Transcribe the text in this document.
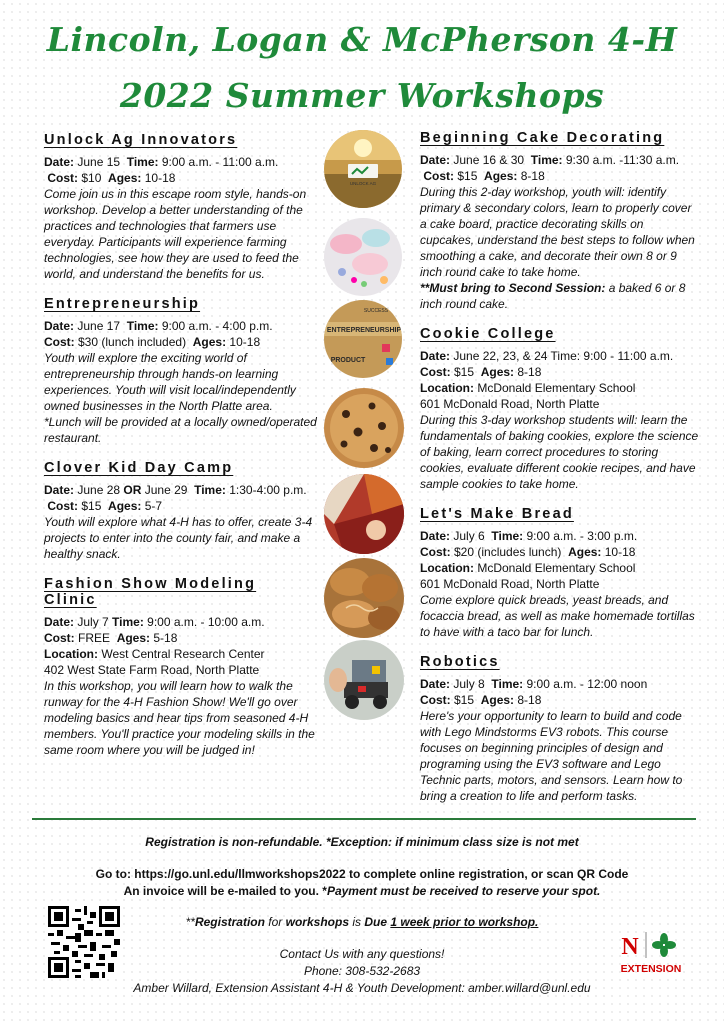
Lincoln, Logan & McPherson 4-H
2022 Summer Workshops
Unlock Ag Innovators

Date: June 15 Time: 9:00 a.m. - 11:00 a.m.

Cost: $10 Ages: 10-18

Come join us in this escape room style, hands-on workshop. Develop a better understanding of the practices and technologies that farmers use everyday. Participants will experience farming technologies, see how they are used to feed the world, and understand the benefits for us.

Entrepreneurship

Date: June 17 Time: 9:00 a.m. - 4:00 p.m.

Cost: $30 (lunch included) Ages: 10-18

Youth will explore the exciting world of entrepreneurship through hands-on learning experiences. Youth will visit local/independently owned businesses in the North Platte area.

*Lunch will be provided at a locally owned/operated restaurant.

Clover Kid Day Camp

Date: June 28 OR June 29 Time: 1:30-4:00 p.m.

Cost: $15 Ages: 5-7

Youth will explore what 4-H has to offer, create 3-4 projects to enter into the county fair, and make a healthy snack.

Fashion Show Modeling Clinic

Date: July 7 Time: 9:00 a.m. - 10:00 a.m.

Cost: FREE Ages: 5-18

Location: West Central Research Center

402 West State Farm Road, North Platte

In this workshop, you will learn how to walk the runway for the 4-H Fashion Show! We'll go over modeling basics and hear tips from seasoned 4-H members. You'll practice your modeling skills in the same room where you will be judged in!

UNLOCK AG
ENTREPRENEURSHIP
PRODUCT
SUCCESS
Beginning Cake Decorating

Date: June 16 & 30 Time: 9:30 a.m. -11:30 a.m.

Cost: $15 Ages: 8-18

During this 2-day workshop, youth will: identify primary & secondary colors, learn to properly cover a cake board, practice decorating skills on cupcakes, understand the best steps to follow when smoothing a cake, and decorate their own 8 or 9 inch round cake to take home.

**Must bring to Second Session: a baked 6 or 8 inch round cake.

Cookie College

Date: June 22, 23, & 24 Time: 9:00 - 11:00 a.m.

Cost: $15 Ages: 8-18

Location: McDonald Elementary School

601 McDonald Road, North Platte

During this 3-day workshop students will: learn the fundamentals of baking cookies, explore the science of baking, learn correct procedures to storing cookies, evaluate different cookie recipes, and have sample cookies to take home.

Let's Make Bread

Date: July 6 Time: 9:00 a.m. - 3:00 p.m.

Cost: $20 (includes lunch) Ages: 10-18

Location: McDonald Elementary School

601 McDonald Road, North Platte

Come explore quick breads, yeast breads, and focaccia bread, as well as make homemade tortillas to have with a taco bar for lunch.

Robotics

Date: July 8 Time: 9:00 a.m. - 12:00 noon

Cost: $15 Ages: 8-18

Here's your opportunity to learn to build and code with Lego Mindstorms EV3 robots. This course focuses on beginning principles of design and programing using the EV3 software and Lego Technic parts, motors, and sensors. Learn how to bring a creation to life and perform tasks.

Registration is non-refundable. *Exception: if minimum class size is not met
Go to: https://go.unl.edu/llmworkshops2022 to complete online registration, or scan QR Code
An invoice will be e-mailed to you. *Payment must be received to reserve your spot.
**Registration for workshops is Due 1 week prior to workshop.
Contact Us with any questions!
Phone: 308-532-2683
Amber Willard, Extension Assistant 4-H & Youth Development: amber.willard@unl.edu
N
EXTENSION
